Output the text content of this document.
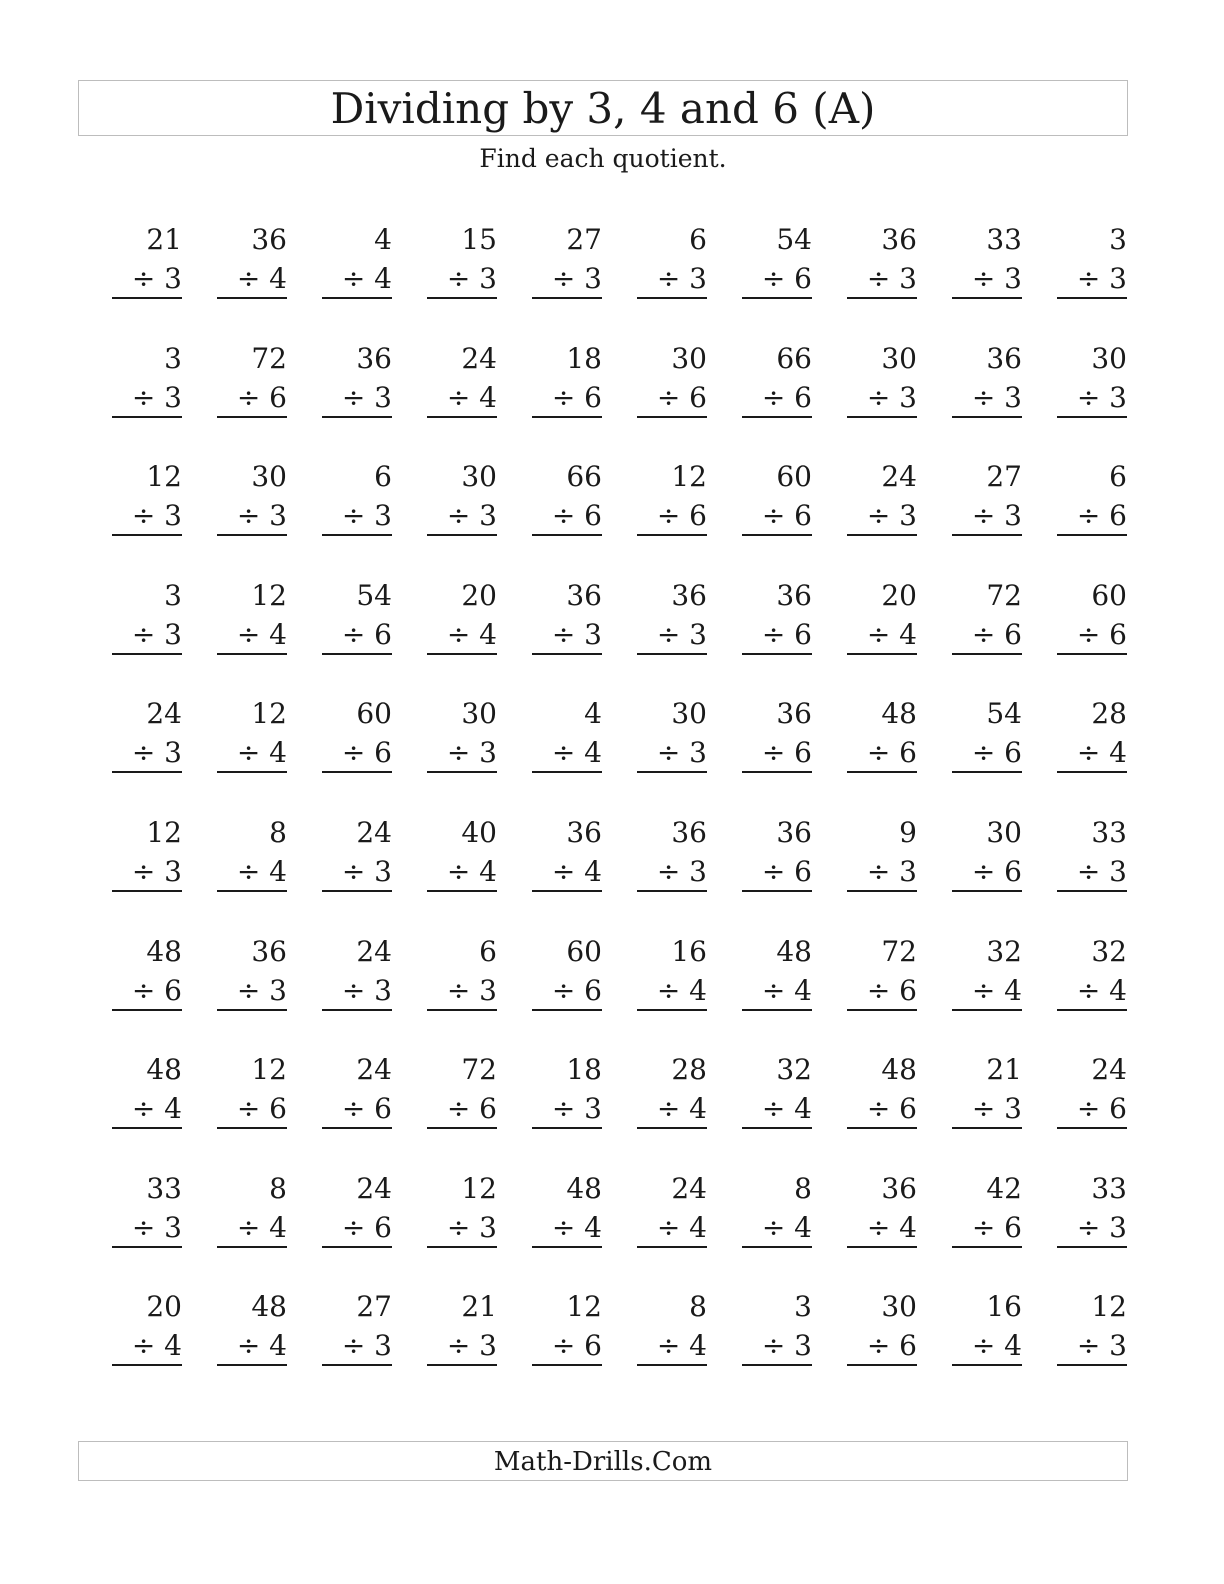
Dividing by 3, 4 and 6 (A)
Find each quotient.
21
÷ 3
36
÷ 4
4
÷ 4
15
÷ 3
27
÷ 3
6
÷ 3
54
÷ 6
36
÷ 3
33
÷ 3
3
÷ 3
3
÷ 3
72
÷ 6
36
÷ 3
24
÷ 4
18
÷ 6
30
÷ 6
66
÷ 6
30
÷ 3
36
÷ 3
30
÷ 3
12
÷ 3
30
÷ 3
6
÷ 3
30
÷ 3
66
÷ 6
12
÷ 6
60
÷ 6
24
÷ 3
27
÷ 3
6
÷ 6
3
÷ 3
12
÷ 4
54
÷ 6
20
÷ 4
36
÷ 3
36
÷ 3
36
÷ 6
20
÷ 4
72
÷ 6
60
÷ 6
24
÷ 3
12
÷ 4
60
÷ 6
30
÷ 3
4
÷ 4
30
÷ 3
36
÷ 6
48
÷ 6
54
÷ 6
28
÷ 4
12
÷ 3
8
÷ 4
24
÷ 3
40
÷ 4
36
÷ 4
36
÷ 3
36
÷ 6
9
÷ 3
30
÷ 6
33
÷ 3
48
÷ 6
36
÷ 3
24
÷ 3
6
÷ 3
60
÷ 6
16
÷ 4
48
÷ 4
72
÷ 6
32
÷ 4
32
÷ 4
48
÷ 4
12
÷ 6
24
÷ 6
72
÷ 6
18
÷ 3
28
÷ 4
32
÷ 4
48
÷ 6
21
÷ 3
24
÷ 6
33
÷ 3
8
÷ 4
24
÷ 6
12
÷ 3
48
÷ 4
24
÷ 4
8
÷ 4
36
÷ 4
42
÷ 6
33
÷ 3
20
÷ 4
48
÷ 4
27
÷ 3
21
÷ 3
12
÷ 6
8
÷ 4
3
÷ 3
30
÷ 6
16
÷ 4
12
÷ 3
Math-Drills.Com
